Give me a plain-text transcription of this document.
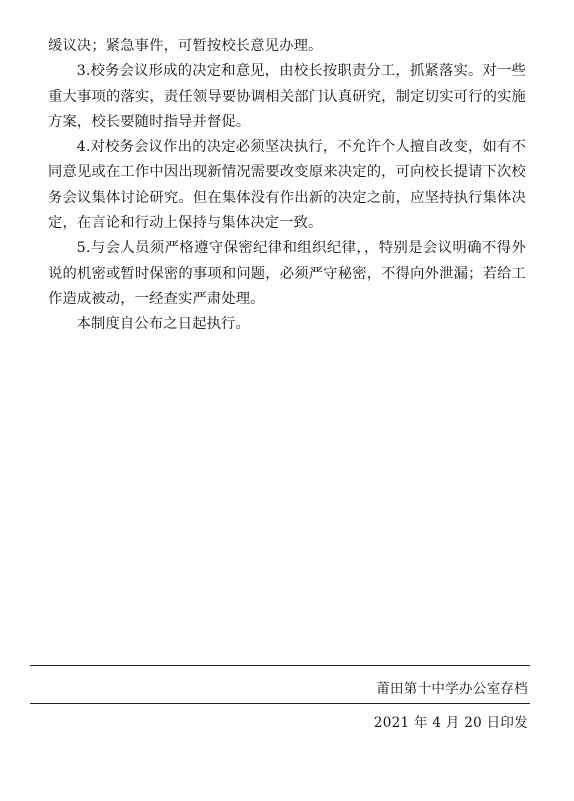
缓议决；紧急事件，可暂按校长意见办理。

3.校务会议形成的决定和意见，由校长按职责分工，抓紧落实。对一些重大事项的落实，责任领导要协调相关部门认真研究，制定切实可行的实施方案，校长要随时指导并督促。

4.对校务会议作出的决定必须坚决执行，不允许个人擅自改变，如有不同意见或在工作中因出现新情况需要改变原来决定的，可向校长提请下次校务会议集体讨论研究。但在集体没有作出新的决定之前，应坚持执行集体决定，在言论和行动上保持与集体决定一致。

5.与会人员须严格遵守保密纪律和组织纪律，，特别是会议明确不得外说的机密或暂时保密的事项和问题，必须严守秘密，不得向外泄漏；若给工作造成被动，一经查实严肃处理。

本制度自公布之日起执行。

莆田第十中学办公室存档
2021 年 4 月 20 日印发
